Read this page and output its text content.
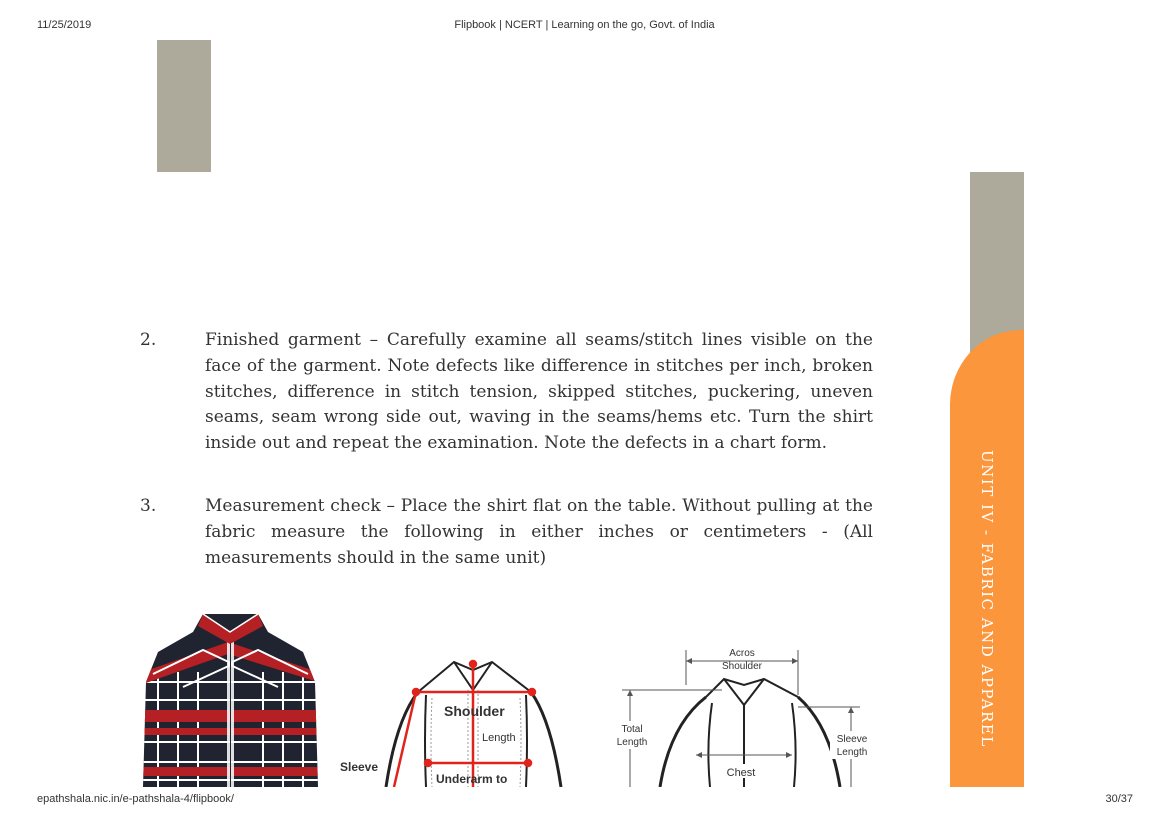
11/25/2019	Flipbook | NCERT | Learning on the go, Govt. of India
epathshala.nic.in/e-pathshala-4/flipbook/	30/37
UNIT IV - FABRIC AND APPAREL
2.	Finished garment – Carefully examine all seams/stitch lines visible on the face of the garment. Note defects like difference in stitches per inch, broken stitches, difference in stitch tension, skipped stitches, puckering, uneven seams, seam wrong side out, waving in the seams/hems etc. Turn the shirt inside out and repeat the examination. Note the defects in a chart form.
3.	Measurement check – Place the shirt flat on the table. Without pulling at the fabric measure the following in either inches or centimeters - (All measurements should in the same unit)
Shoulder
Length
Sleeve
Underarm to
Acros
Shoulder
Total
Length	Sleeve
Length
Chest
